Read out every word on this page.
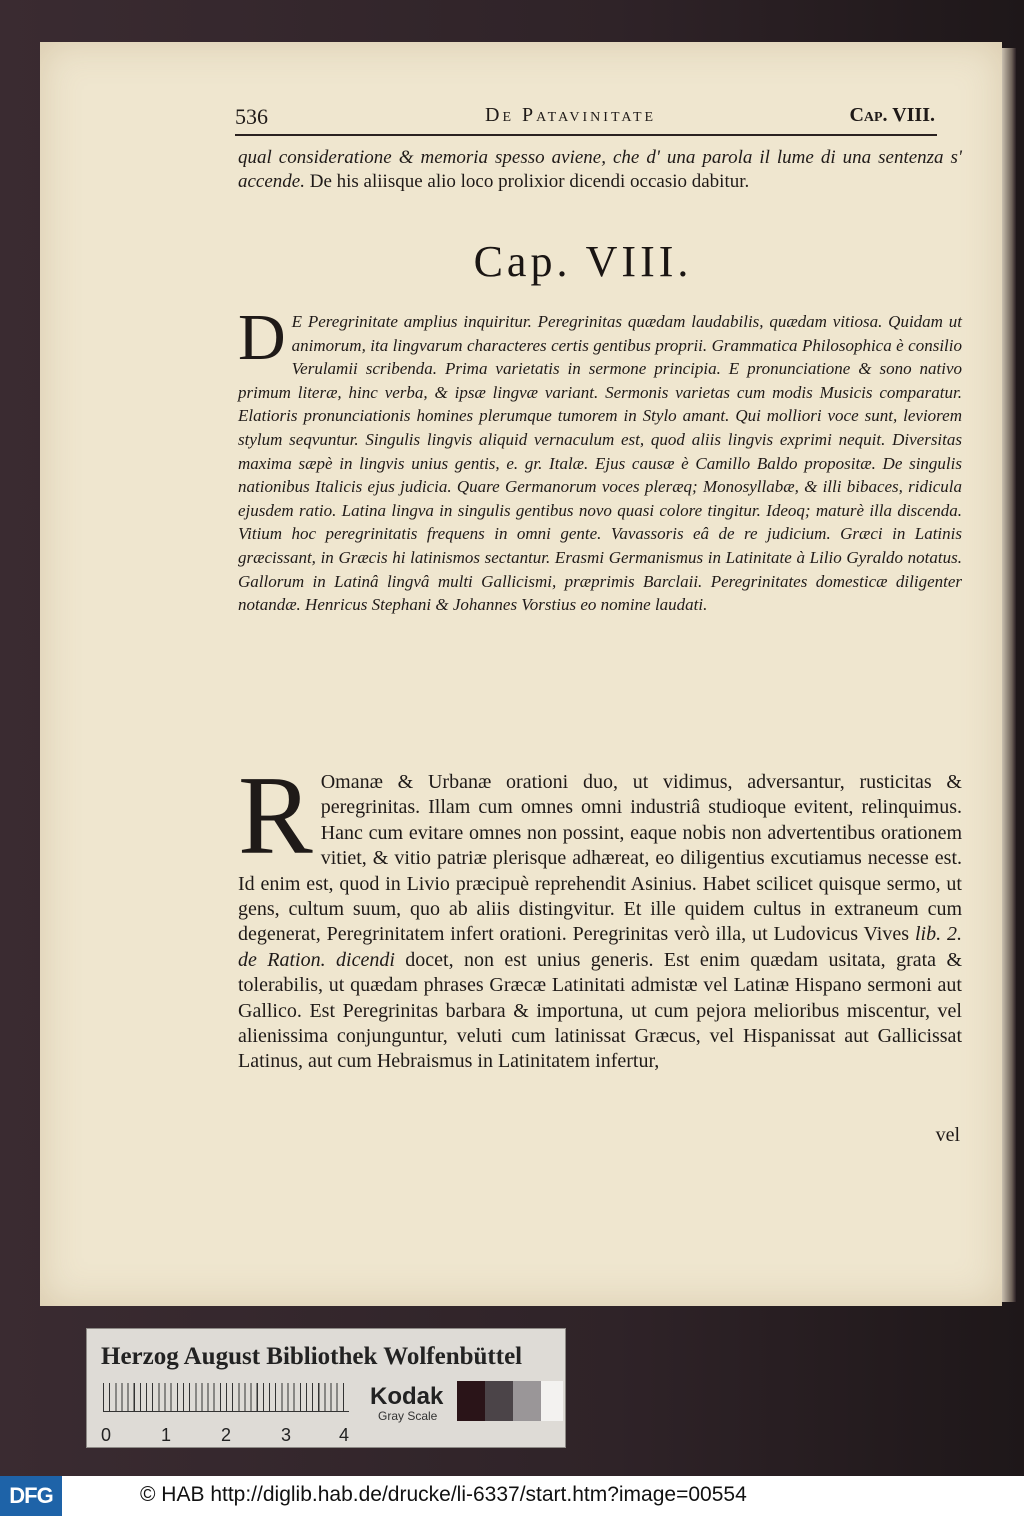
536	De Patavinitate	Cap. VIII.
qual consideratione & memoria spesso aviene, che d' una parola il lume di una sentenza s' accende. De his aliisque alio loco prolixior dicendi occasio dabitur.
Cap. VIII.
D E Peregrinitate amplius inquiritur. Peregrinitas quædam laudabilis, quædam vitiosa. Quidam ut animorum, ita lingvarum characteres certis gentibus proprii. Grammatica Philosophica è consilio Verulamii scribenda. Prima varietatis in sermone principia. E pronunciatione & sono nativo primum literæ, hinc verba, & ipsæ lingvæ variant. Sermonis varietas cum modis Musicis comparatur. Elatioris pronunciationis homines plerumque tumorem in Stylo amant. Qui molliori voce sunt, leviorem stylum seqvuntur. Singulis lingvis aliquid vernaculum est, quod aliis lingvis exprimi nequit. Diversitas maxima sæpè in lingvis unius gentis, e. gr. Italæ. Ejus causæ è Camillo Baldo propositæ. De singulis nationibus Italicis ejus judicia. Quare Germanorum voces pleræq; Monosyllabæ, & illi bibaces, ridicula ejusdem ratio. Latina lingva in singulis gentibus novo quasi colore tingitur. Ideoq; maturè illa discenda. Vitium hoc peregrinitatis frequens in omni gente. Vavassoris eâ de re judicium. Græci in Latinis græcissant, in Græcis hi latinismos sectantur. Erasmi Germanismus in Latinitate à Lilio Gyraldo notatus. Gallorum in Latinâ lingvâ multi Gallicismi, præprimis Barclaii. Peregrinitates domesticæ diligenter notandæ. Henricus Stephani & Johannes Vorstius eo nomine laudati.
R Omanæ & Urbanæ orationi duo, ut vidimus, adversantur, rusticitas & peregrinitas. Illam cum omnes omni industriâ studioque evitent, relinquimus. Hanc cum evitare omnes non possint, eaque nobis non advertentibus orationem vitiet, & vitio patriæ plerisque adhæreat, eo diligentius excutiamus necesse est. Id enim est, quod in Livio præcipuè reprehendit Asinius. Habet scilicet quisque sermo, ut gens, cultum suum, quo ab aliis distingvitur. Et ille quidem cultus in extraneum cum degenerat, Peregrinitatem infert orationi. Peregrinitas verò illa, ut Ludovicus Vives lib. 2. de Ration. dicendi docet, non est unius generis. Est enim quædam usitata, grata & tolerabilis, ut quædam phrases Græcæ Latinitati admistæ vel Latinæ Hispano sermoni aut Gallico. Est Peregrinitas barbara & importuna, ut cum pejora melioribus miscentur, vel alienissima conjunguntur, veluti cum latinissat Græcus, vel Hispanissat aut Gallicissat Latinus, aut cum Hebraismus in Latinitatem infertur,
vel
Herzog August Bibliothek Wolfenbüttel
0	1	2	3	4
Kodak
Gray Scale
DFG	© HAB http://diglib.hab.de/drucke/li-6337/start.htm?image=00554
